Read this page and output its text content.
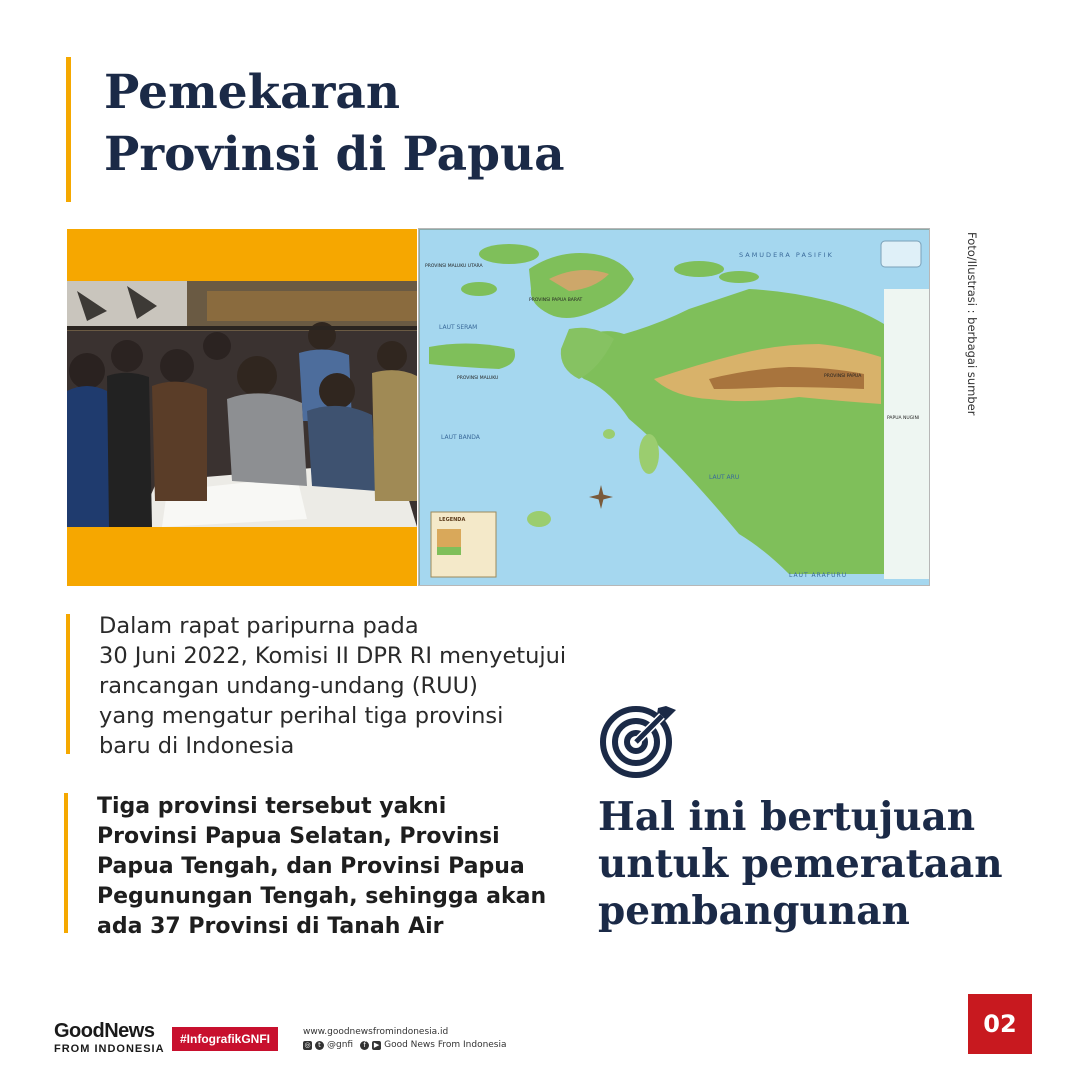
Pemekaran
Provinsi di Papua
SAMUDERA PASIFIK
LAUT SERAM
LAUT BANDA
LAUT ARU
LAUT ARAFURU
PROVINSI PAPUA BARAT
PROVINSI PAPUA
PROVINSI MALUKU UTARA
PROVINSI MALUKU
PAPUA NUGINI
LEGENDA
Foto/Ilustrasi : berbagai sumber

Dalam rapat paripurna pada
30 Juni 2022, Komisi II DPR RI menyetujui
rancangan undang-undang (RUU)
yang mengatur perihal tiga provinsi
baru di Indonesia

Tiga provinsi tersebut yakni
Provinsi Papua Selatan, Provinsi
Papua Tengah, dan Provinsi Papua
Pegunungan Tengah, sehingga akan
ada 37 Provinsi di Tanah Air

Hal ini bertujuan
untuk pemerataan
pembangunan
GoodNews
FROM INDONESIA
#InfografikGNFI	www.goodnewsfromindonesia.id
◎	t @gnfi	f	▶ Good News From Indonesia
02
